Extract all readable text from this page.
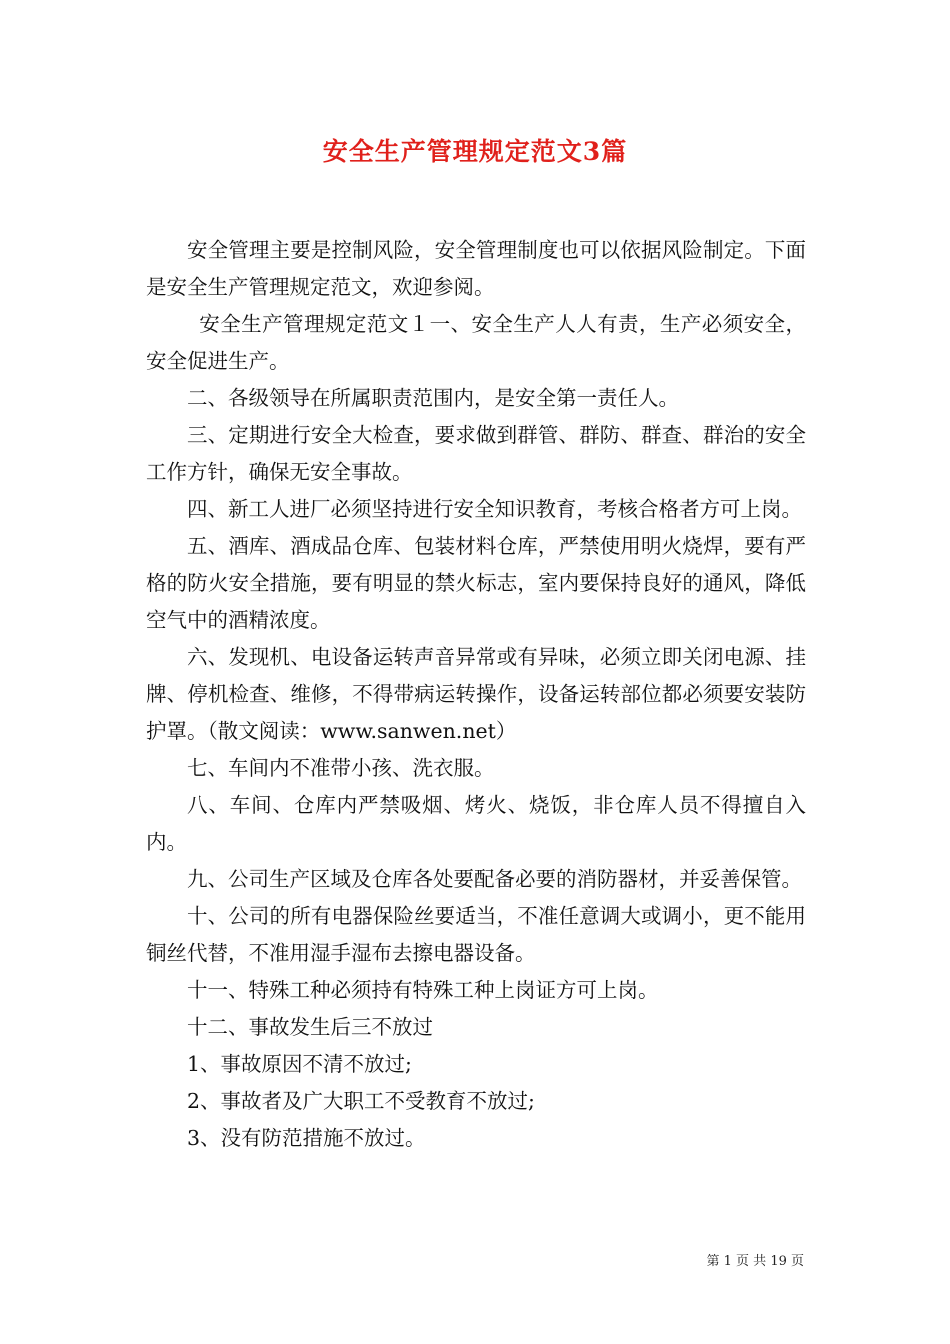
安全生产管理规定范文3篇

安全管理主要是控制风险，安全管理制度也可以依据风险制定。下面是安全生产管理规定范文，欢迎参阅。

安全生产管理规定范文１一、安全生产人人有责，生产必须安全，安全促进生产。

二、各级领导在所属职责范围内，是安全第一责任人。

三、定期进行安全大检查，要求做到群管、群防、群查、群治的安全工作方针，确保无安全事故。

四、新工人进厂必须坚持进行安全知识教育，考核合格者方可上岗。

五、酒库、酒成品仓库、包装材料仓库，严禁使用明火烧焊，要有严格的防火安全措施，要有明显的禁火标志，室内要保持良好的通风，降低空气中的酒精浓度。

六、发现机、电设备运转声音异常或有异味，必须立即关闭电源、挂牌、停机检查、维修，不得带病运转操作，设备运转部位都必须要安装防护罩。（散文阅读：www.sanwen.net）

七、车间内不准带小孩、洗衣服。

八、车间、仓库内严禁吸烟、烤火、烧饭，非仓库人员不得擅自入内。

九、公司生产区域及仓库各处要配备必要的消防器材，并妥善保管。

十、公司的所有电器保险丝要适当，不准任意调大或调小，更不能用铜丝代替，不准用湿手湿布去擦电器设备。

十一、特殊工种必须持有特殊工种上岗证方可上岗。

十二、事故发生后三不放过

1、事故原因不清不放过;

2、事故者及广大职工不受教育不放过;

3、没有防范措施不放过。

第 1 页 共 19 页
